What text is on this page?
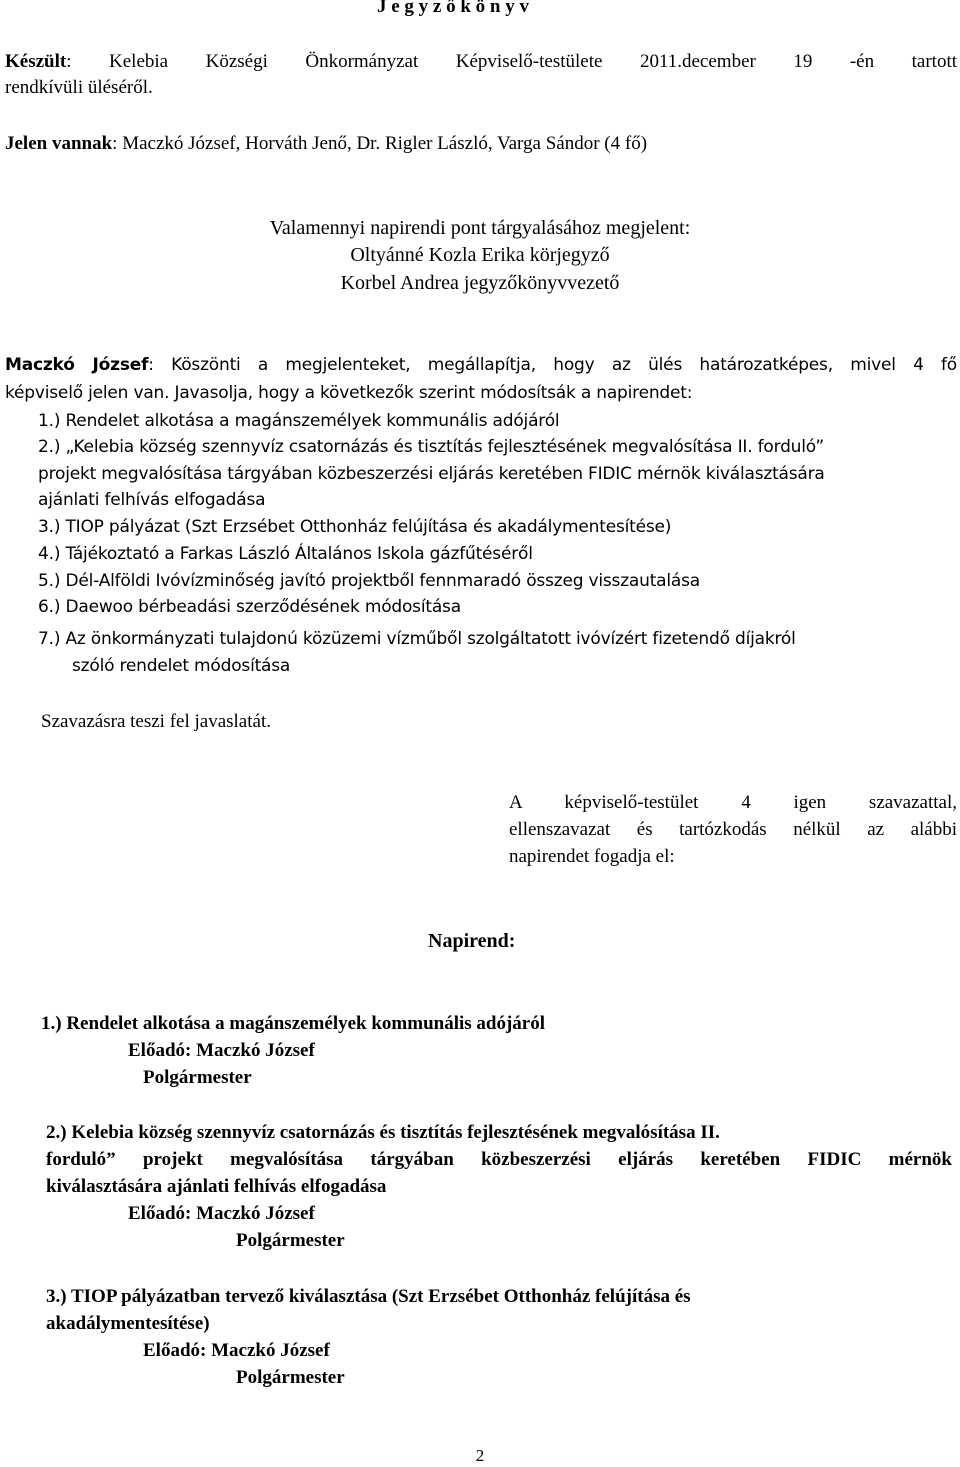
J e g y z ő k ö n y v
Készült: Kelebia Községi Önkormányzat Képviselő-testülete 2011.december 19 -én tartott
rendkívüli üléséről.
Jelen vannak: Maczkó József, Horváth Jenő, Dr. Rigler László, Varga Sándor (4 fő)
Valamennyi napirendi pont tárgyalásához megjelent:
Oltyánné Kozla Erika körjegyző
Korbel Andrea jegyzőkönyvvezető
Maczkó József: Köszönti a megjelenteket, megállapítja, hogy az ülés határozatképes, mivel 4 fő
képviselő jelen van. Javasolja, hogy a következők szerint módosítsák a napirendet:
1.) Rendelet alkotása a magánszemélyek kommunális adójáról
2.) „Kelebia község szennyvíz csatornázás és tisztítás fejlesztésének megvalósítása II. forduló”
projekt megvalósítása tárgyában közbeszerzési eljárás keretében FIDIC mérnök kiválasztására
ajánlati felhívás elfogadása
3.) TIOP pályázat (Szt Erzsébet Otthonház felújítása és akadálymentesítése)
4.) Tájékoztató a Farkas László Általános Iskola gázfűtéséről
5.) Dél-Alföldi Ivóvízminőség javító projektből fennmaradó összeg visszautalása
6.) Daewoo bérbeadási szerződésének módosítása
7.) Az önkormányzati tulajdonú közüzemi vízműből szolgáltatott ivóvízért fizetendő díjakról
szóló rendelet módosítása
Szavazásra teszi fel javaslatát.
A képviselő-testület 4 igen szavazattal,
ellenszavazat és tartózkodás nélkül az alábbi
napirendet fogadja el:
Napirend:
1.) Rendelet alkotása a magánszemélyek kommunális adójáról
Előadó: Maczkó József
Polgármester
2.) Kelebia község szennyvíz csatornázás és tisztítás fejlesztésének megvalósítása II.
forduló” projekt megvalósítása tárgyában közbeszerzési eljárás keretében FIDIC mérnök
kiválasztására ajánlati felhívás elfogadása
Előadó: Maczkó József
Polgármester
3.) TIOP pályázatban tervező kiválasztása (Szt Erzsébet Otthonház felújítása és
akadálymentesítése)
Előadó: Maczkó József
Polgármester
2
